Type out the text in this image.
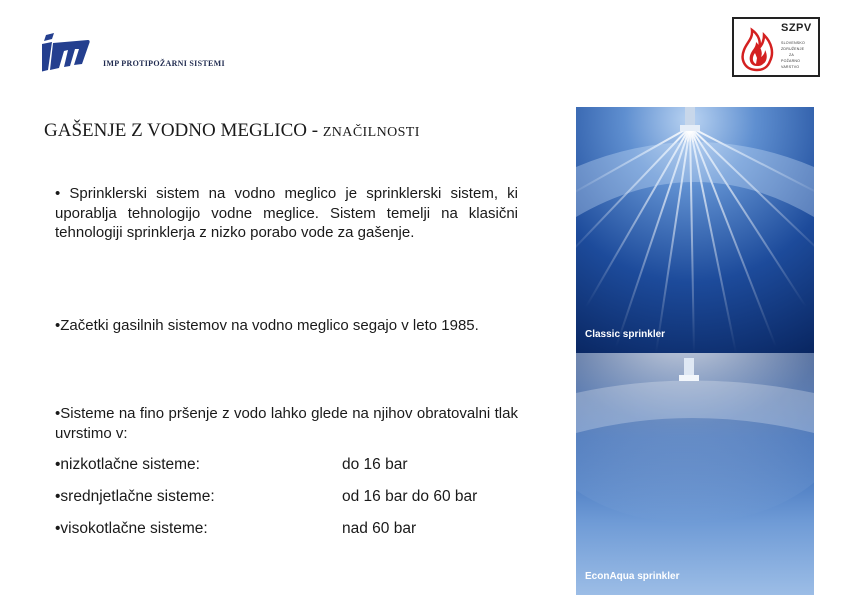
IMP PROTIPOŽARNI SISTEMI
SZPV
SLOVENSKO
ZDRUŽENJE
ZA
POŽARNO
VARSTVO
GAŠENJE Z VODNO MEGLICO - ZNAČILNOSTI
• Sprinklerski sistem na vodno meglico je sprinklerski sistem, ki uporablja tehnologijo vodne meglice. Sistem temelji na klasični tehnologiji sprinklerja z nizko porabo vode za gašenje.
•Začetki gasilnih sistemov na vodno meglico segajo v leto 1985.
•Sisteme na fino pršenje z vodo lahko glede na njihov obratovalni tlak uvrstimo v:
•nizkotlačne sisteme:	do 16 bar
•srednjetlačne sisteme:	od 16 bar do 60 bar
•visokotlačne sisteme:	nad 60 bar
Classic sprinkler
EconAqua sprinkler
